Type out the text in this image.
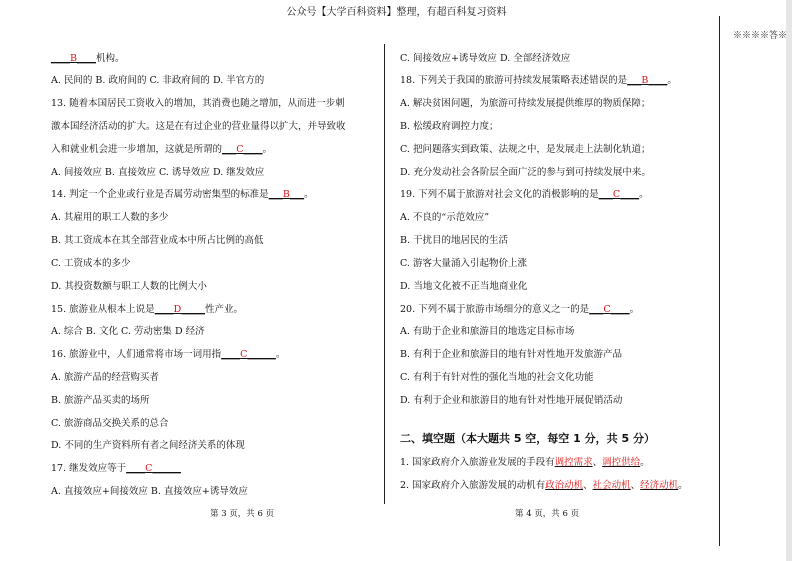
公众号【大学百科资料】整理，有超百科复习资料
※※※※答※
____B____机构。
A. 民间的 B. 政府间的 C. 非政府间的 D. 半官方的
13. 随着本国居民工资收入的增加，其消费也随之增加，从而进一步刺
激本国经济活动的扩大。这是在有过企业的营业量得以扩大，并导致收
入和就业机会进一步增加，这就是所谓的___C____。
A. 间接效应 B. 直接效应 C. 诱导效应 D. 继发效应
14. 判定一个企业或行业是否属劳动密集型的标准是___B___。
A. 其雇用的职工人数的多少
B. 其工资成本在其全部营业成本中所占比例的高低
C. 工资成本的多少
D. 其投资数额与职工人数的比例大小
15. 旅游业从根本上说是____D_____性产业。
A. 综合 B. 文化 C. 劳动密集 D 经济
16. 旅游业中，人们通常将市场一词用指____C______。
A. 旅游产品的经营购买者
B. 旅游产品买卖的场所
C. 旅游商品交换关系的总合
D. 不同的生产资料所有者之间经济关系的体现
17. 继发效应等于____C______
A. 直接效应+间接效应 B. 直接效应+诱导效应
C. 间接效应+诱导效应 D. 全部经济效应
18. 下列关于我国的旅游可持续发展策略表述错误的是___B____。
A. 解决贫困问题，为旅游可持续发展提供维厚的物质保障；
B. 松缓政府调控力度；
C. 把问题落实到政策、法规之中，是发展走上法制化轨道；
D. 充分发动社会各阶层全面广泛的参与到可持续发展中来。
19. 下列不属于旅游对社会文化的消极影响的是___C____。
A. 不良的“示范效应”
B. 干扰目的地居民的生活
C. 游客大量涌入引起物价上涨
D. 当地文化被不正当地商业化
20. 下列不属于旅游市场细分的意义之一的是___C____。
A. 有助于企业和旅游目的地选定目标市场
B. 有利于企业和旅游目的地有针对性地开发旅游产品
C. 有利于有针对性的强化当地的社会文化功能
D. 有利于企业和旅游目的地有针对性地开展促销活动
二、填空题（本大题共 5 空，每空 1 分，共 5 分）
1. 国家政府介入旅游业发展的手段有调控需求、调控供给。
2. 国家政府介入旅游发展的动机有政治动机、社会动机、经济动机。
第 3 页，共 6 页	第 4 页，共 6 页
